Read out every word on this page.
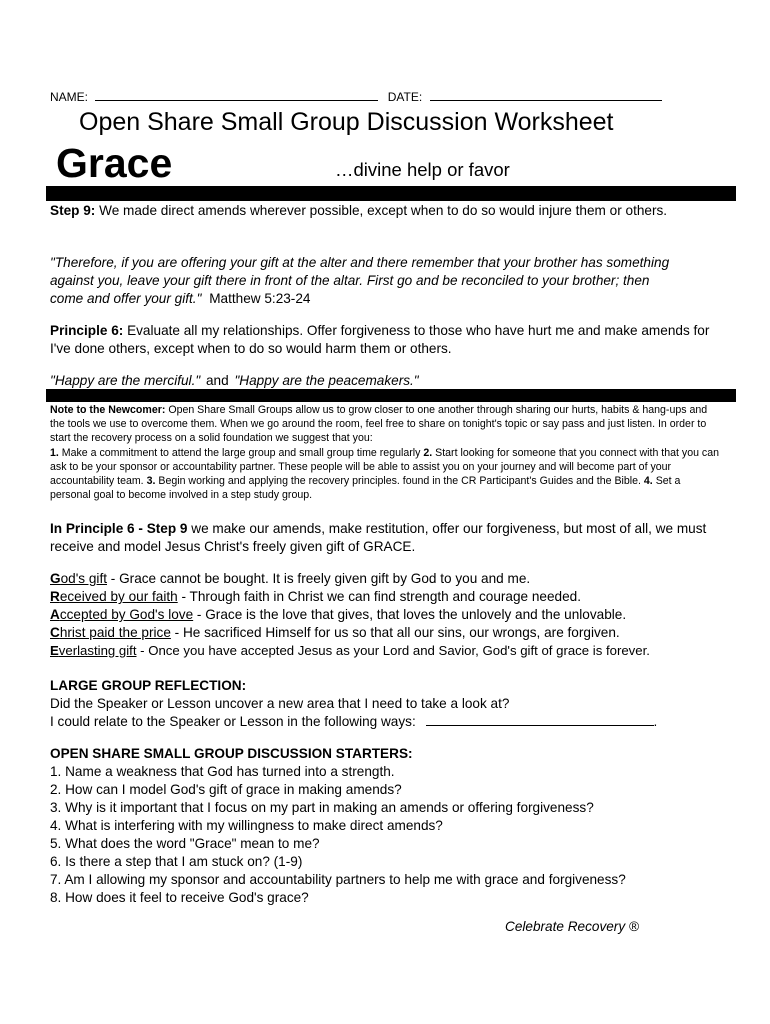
NAME:	DATE:
Open Share Small Group Discussion Worksheet
Grace	…divine help or favor

Step 9: We made direct amends wherever possible, except when to do so would injure them or others.

"Therefore, if you are offering your gift at the alter and there remember that your brother has something against you, leave your gift there in front of the altar. First go and be reconciled to your brother; then come and offer your gift." Matthew 5:23-24

Principle 6: Evaluate all my relationships. Offer forgiveness to those who have hurt me and make amends for I've done others, except when to do so would harm them or others.

"Happy are the merciful." and "Happy are the peacemakers."

Note to the Newcomer: Open Share Small Groups allow us to grow closer to one another through sharing our hurts, habits & hang-ups and the tools we use to overcome them. When we go around the room, feel free to share on tonight's topic or say pass and just listen. In order to start the recovery process on a solid foundation we suggest that you:
1. Make a commitment to attend the large group and small group time regularly 2. Start looking for someone that you connect with that you can ask to be your sponsor or accountability partner. These people will be able to assist you on your journey and will become part of your accountability team. 3. Begin working and applying the recovery principles. found in the CR Participant's Guides and the Bible. 4. Set a personal goal to become involved in a step study group.

In Principle 6 - Step 9 we make our amends, make restitution, offer our forgiveness, but most of all, we must receive and model Jesus Christ's freely given gift of GRACE.

God's gift - Grace cannot be bought. It is freely given gift by God to you and me.

Received by our faith - Through faith in Christ we can find strength and courage needed.

Accepted by God's love - Grace is the love that gives, that loves the unlovely and the unlovable.

Christ paid the price - He sacrificed Himself for us so that all our sins, our wrongs, are forgiven.

Everlasting gift - Once you have accepted Jesus as your Lord and Savior, God's gift of grace is forever.

LARGE GROUP REFLECTION:

Did the Speaker or Lesson uncover a new area that I need to take a look at?

I could relate to the Speaker or Lesson in the following ways:	.

OPEN SHARE SMALL GROUP DISCUSSION STARTERS:

1. Name a weakness that God has turned into a strength.
2. How can I model God's gift of grace in making amends?
3. Why is it important that I focus on my part in making an amends or offering forgiveness?
4. What is interfering with my willingness to make direct amends?
5. What does the word "Grace" mean to me?
6. Is there a step that I am stuck on? (1-9)
7. Am I allowing my sponsor and accountability partners to help me with grace and forgiveness?
8. How does it feel to receive God's grace?
Celebrate Recovery ®
